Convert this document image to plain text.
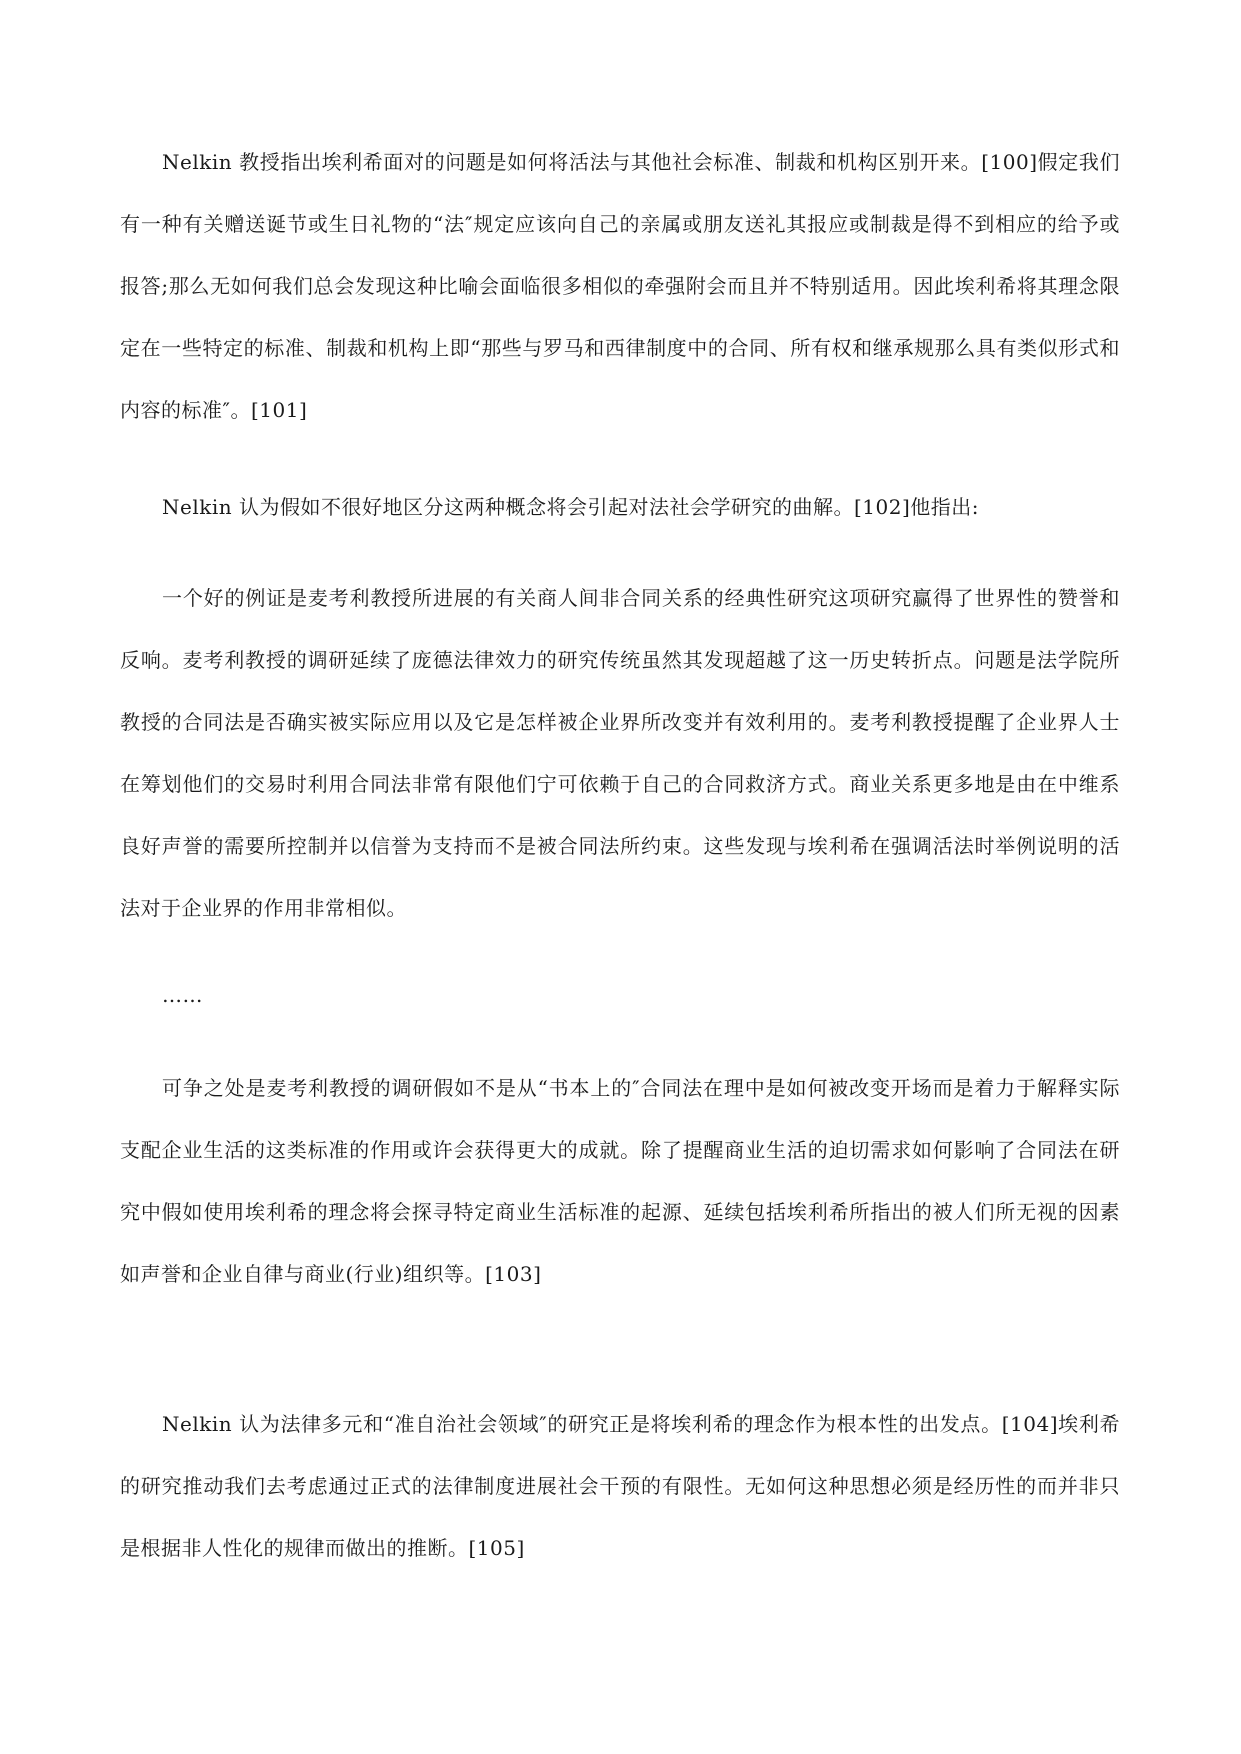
Nelkin 教授指出埃利希面对的问题是如何将活法与其他社会标准、制裁和机构区别开来。[100]假定我们有一种有关赠送诞节或生日礼物的“法″规定应该向自己的亲属或朋友送礼其报应或制裁是得不到相应的给予或报答;那么无如何我们总会发现这种比喻会面临很多相似的牵强附会而且并不特别适用。因此埃利希将其理念限定在一些特定的标准、制裁和机构上即“那些与罗马和西律制度中的合同、所有权和继承规那么具有类似形式和内容的标准″。[101]

Nelkin 认为假如不很好地区分这两种概念将会引起对法社会学研究的曲解。[102]他指出:

一个好的例证是麦考利教授所进展的有关商人间非合同关系的经典性研究这项研究赢得了世界性的赞誉和反响。麦考利教授的调研延续了庞德法律效力的研究传统虽然其发现超越了这一历史转折点。问题是法学院所教授的合同法是否确实被实际应用以及它是怎样被企业界所改变并有效利用的。麦考利教授提醒了企业界人士在筹划他们的交易时利用合同法非常有限他们宁可依赖于自己的合同救济方式。商业关系更多地是由在中维系良好声誉的需要所控制并以信誉为支持而不是被合同法所约束。这些发现与埃利希在强调活法时举例说明的活法对于企业界的作用非常相似。

……

可争之处是麦考利教授的调研假如不是从“书本上的″合同法在理中是如何被改变开场而是着力于解释实际支配企业生活的这类标准的作用或许会获得更大的成就。除了提醒商业生活的迫切需求如何影响了合同法在研究中假如使用埃利希的理念将会探寻特定商业生活标准的起源、延续包括埃利希所指出的被人们所无视的因素如声誉和企业自律与商业(行业)组织等。[103]

Nelkin 认为法律多元和“准自治社会领域″的研究正是将埃利希的理念作为根本性的出发点。[104]埃利希的研究推动我们去考虑通过正式的法律制度进展社会干预的有限性。无如何这种思想必须是经历性的而并非只是根据非人性化的规律而做出的推断。[105]
